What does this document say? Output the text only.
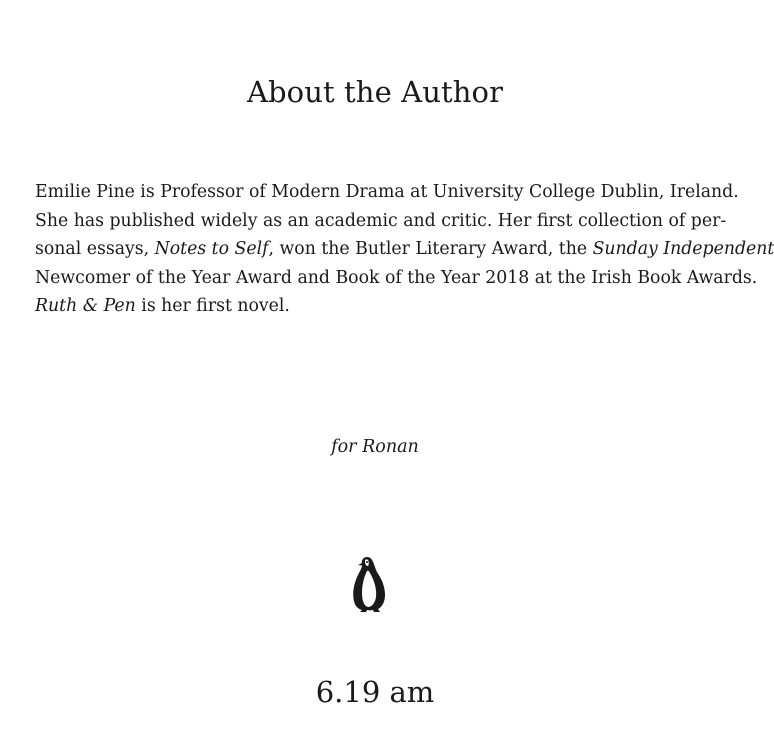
About the Author

Emilie Pine is Professor of Modern Drama at University College Dublin, Ireland.
She has published widely as an academic and critic. Her first collection of per-
sonal essays, Notes to Self, won the Butler Literary Award, the Sunday Independent
Newcomer of the Year Award and Book of the Year 2018 at the Irish Book Awards.
Ruth & Pen is her first novel.

for Ronan

6.19 am
